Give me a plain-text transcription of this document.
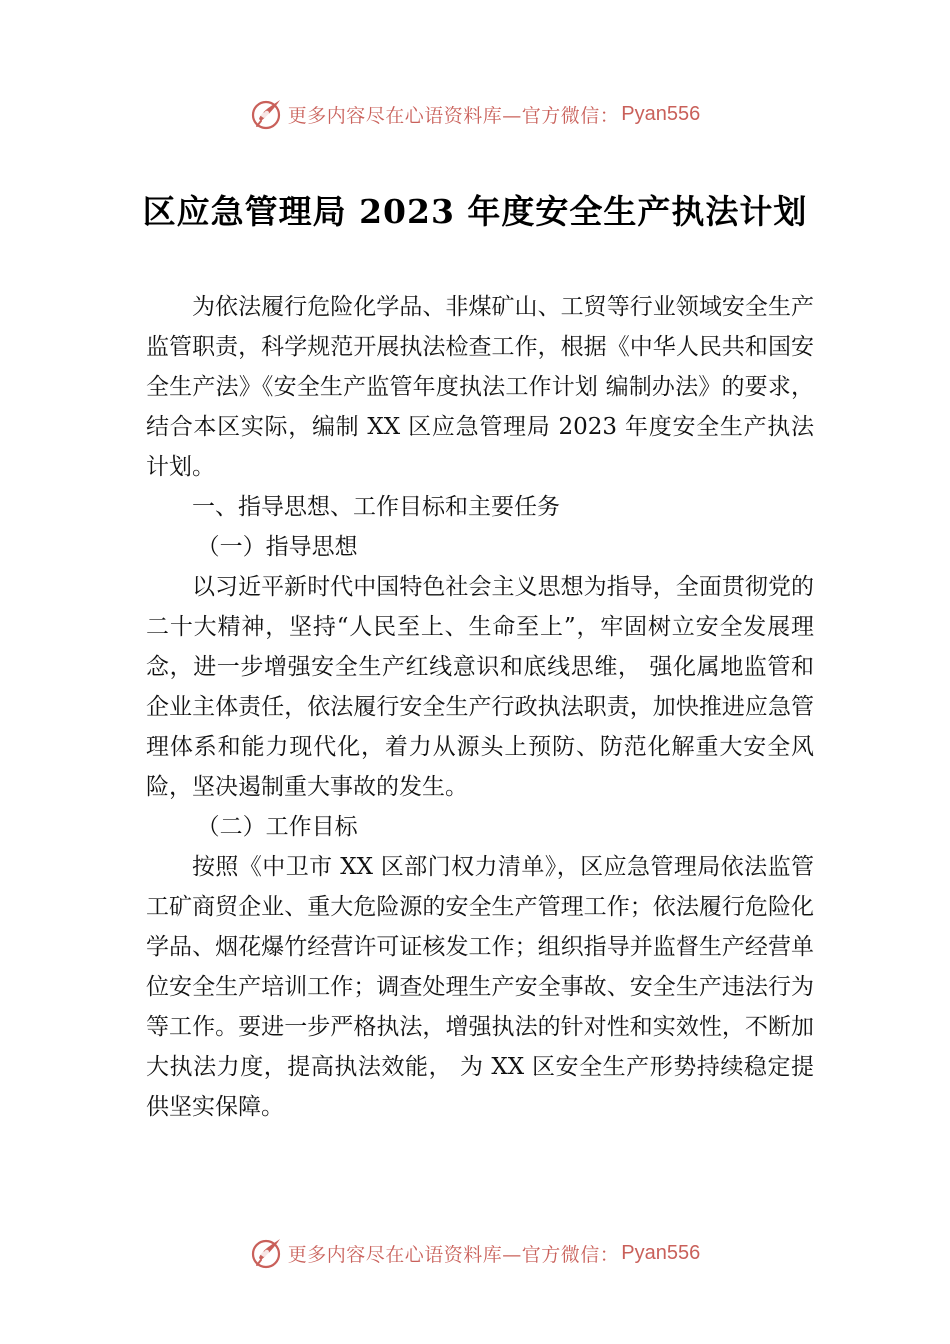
更多内容尽在心语资料库—官方微信： Pyan556
区应急管理局 2023 年度安全生产执法计划

为依法履行危险化学品、非煤矿山、工贸等行业领域安全生产监管职责，科学规范开展执法检查工作，根据《中华人民共和国安全生产法》《安全生产监管年度执法工作计划 编制办法》的要求，结合本区实际，编制 XX 区应急管理局 2023 年度安全生产执法计划。

一、指导思想、工作目标和主要任务

（一）指导思想

以习近平新时代中国特色社会主义思想为指导，全面贯彻党的二十大精神，坚持“人民至上、生命至上”，牢固树立安全发展理念，进一步增强安全生产红线意识和底线思维， 强化属地监管和企业主体责任，依法履行安全生产行政执法职责，加快推进应急管理体系和能力现代化，着力从源头上预防、防范化解重大安全风险，坚决遏制重大事故的发生。

（二）工作目标

按照《中卫市 XX 区部门权力清单》，区应急管理局依法监管工矿商贸企业、重大危险源的安全生产管理工作；依法履行危险化学品、烟花爆竹经营许可证核发工作；组织指导并监督生产经营单位安全生产培训工作；调查处理生产安全事故、安全生产违法行为等工作。要进一步严格执法，增强执法的针对性和实效性，不断加大执法力度，提高执法效能， 为 XX 区安全生产形势持续稳定提供坚实保障。

更多内容尽在心语资料库—官方微信： Pyan556
